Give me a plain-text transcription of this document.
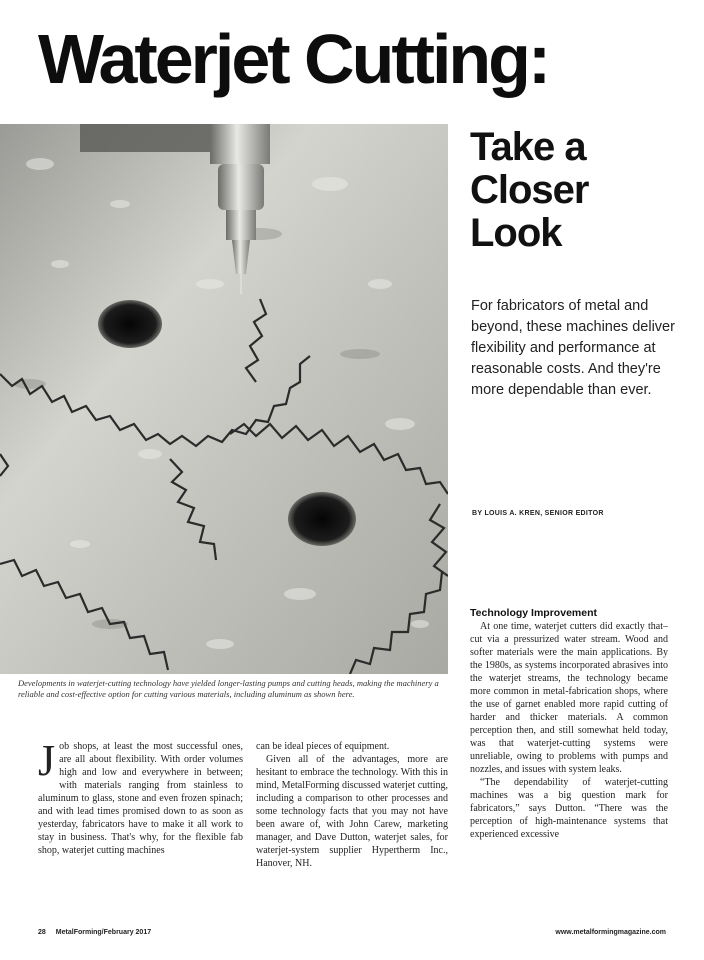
Waterjet Cutting:
Take a Closer Look

For fabricators of metal and beyond, these machines deliver flexibility and performance at reasonable costs. And they're more dependable than ever.

BY LOUIS A. KREN, SENIOR EDITOR

Developments in waterjet-cutting technology have yielded longer-lasting pumps and cutting heads, making the machinery a reliable and cost-effective option for cutting various materials, including aluminum as shown here.

J ob shops, at least the most successful ones, are all about flexibility. With order volumes high and low and everywhere in between; with materials ranging from stainless to aluminum to glass, stone and even frozen spinach; and with lead times promised down to as soon as yesterday, fabricators have to make it all work to stay in business. That's why, for the flexible fab shop, waterjet cutting machines

can be ideal pieces of equipment.

Given all of the advantages, more are hesitant to embrace the technology. With this in mind, MetalForming discussed waterjet cutting, including a comparison to other processes and some technology facts that you may not have been aware of, with John Carew, marketing manager, and Dave Dutton, waterjet sales, for waterjet-system supplier Hypertherm Inc., Hanover, NH.

Technology Improvement

At one time, waterjet cutters did exactly that–cut via a pressurized water stream. Wood and softer materials were the main applications. By the 1980s, as systems incorporated abrasives into the waterjet streams, the technology became more common in metal-fabrication shops, where the use of garnet enabled more rapid cutting of harder and thicker materials. A common perception then, and still somewhat held today, was that waterjet-cutting systems were unreliable, owing to problems with pumps and nozzles, and issues with system leaks.

“The dependability of waterjet-cutting machines was a big question mark for fabricators,” says Dutton. “There was the perception of high-maintenance systems that experienced excessive

28 MetalForming/February 2017	www.metalformingmagazine.com
